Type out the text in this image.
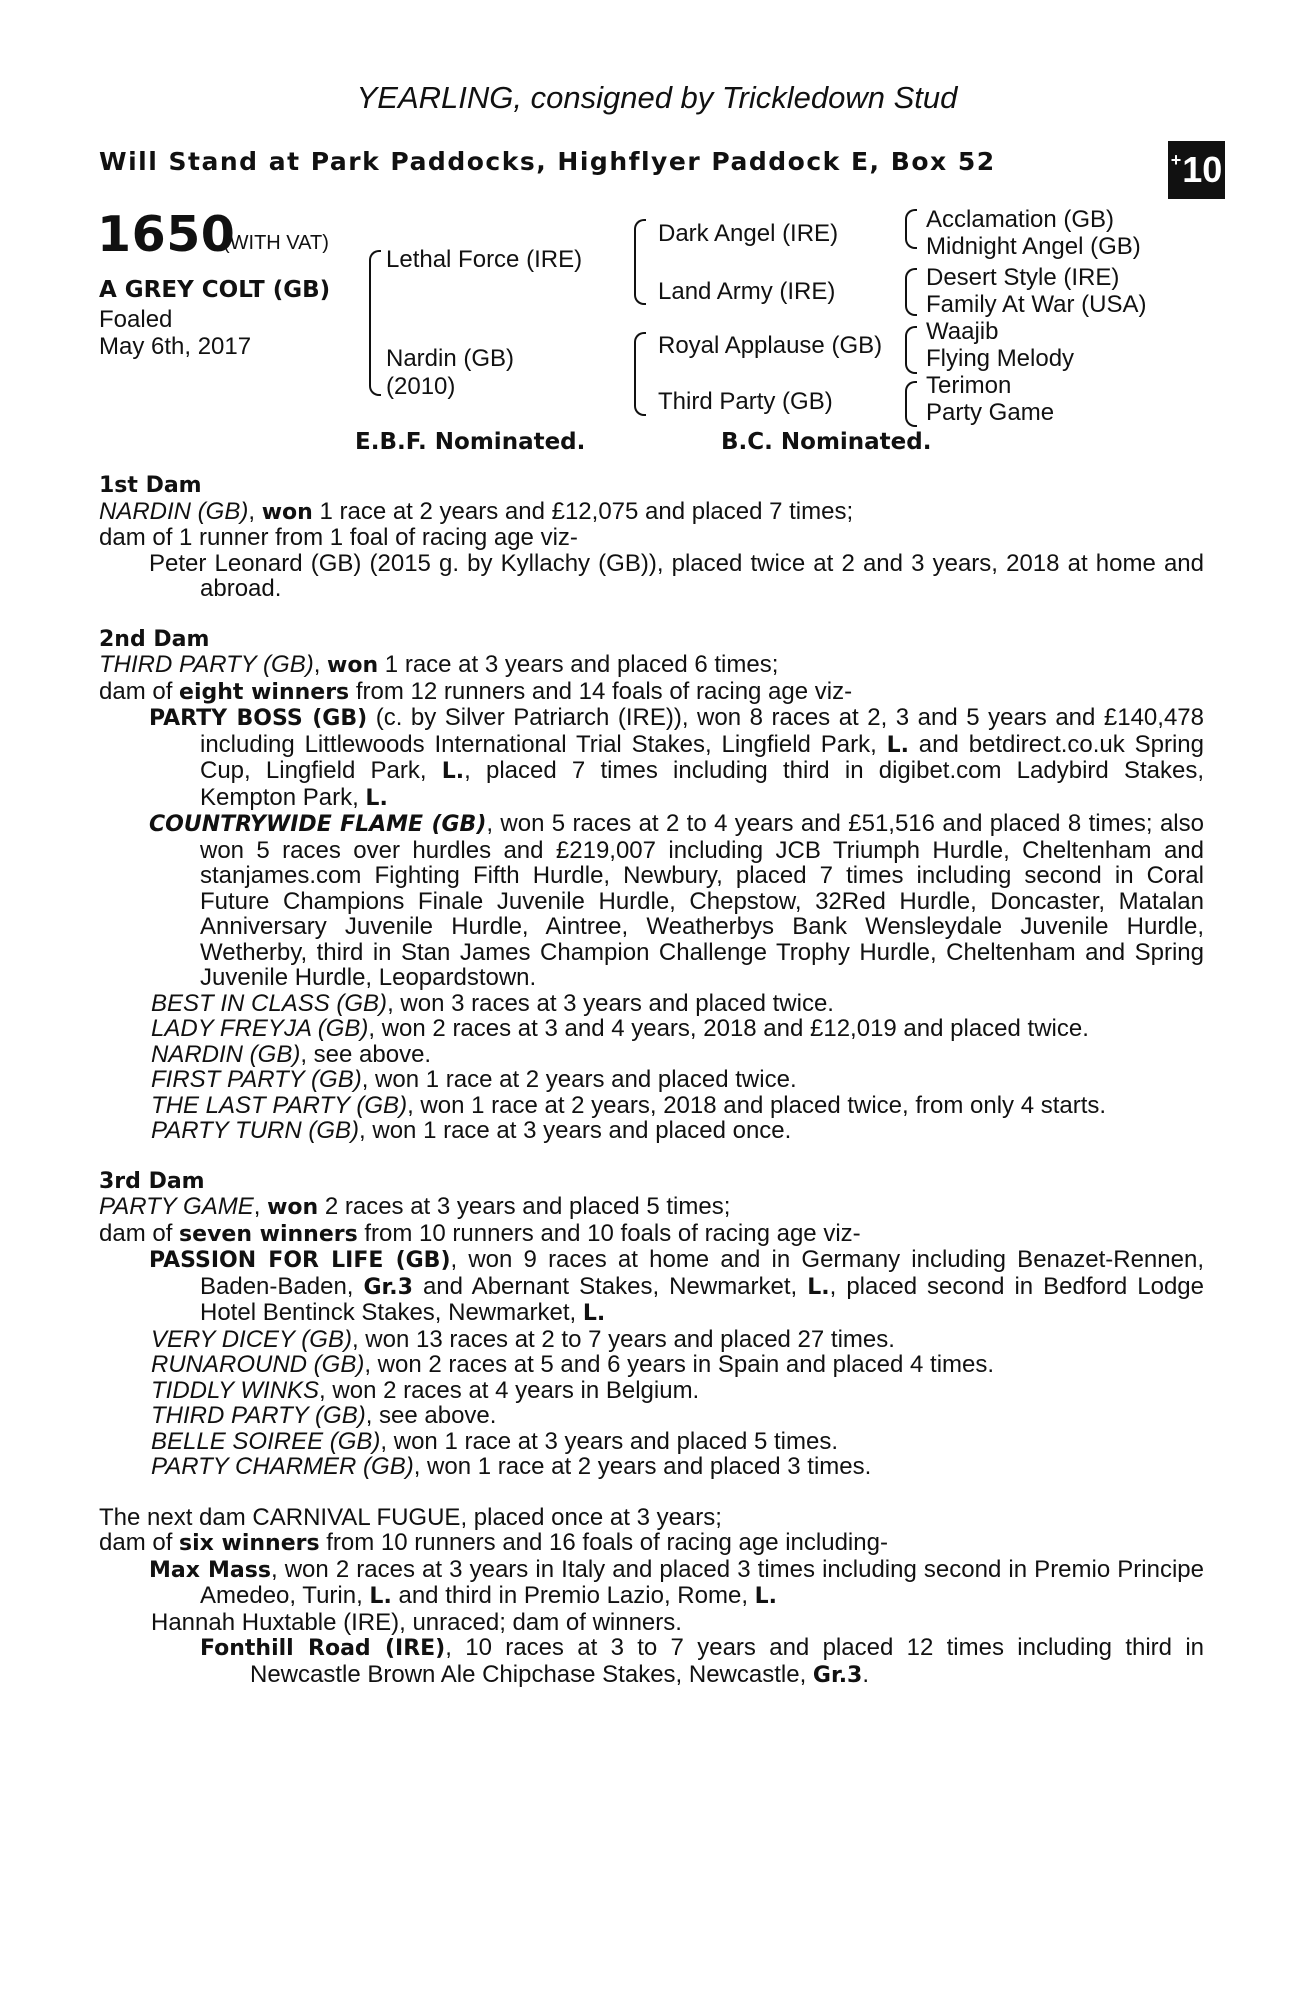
YEARLING, consigned by Trickledown Stud
Will Stand at Park Paddocks, Highflyer Paddock E, Box 52	+10
1650
(WITH VAT)
A GREY COLT (GB)
Foaled
May 6th, 2017
Lethal Force (IRE)
Nardin (GB)
(2010)
Dark Angel (IRE)
Land Army (IRE)
Royal Applause (GB)
Third Party (GB)
Acclamation (GB)
Midnight Angel (GB)
Desert Style (IRE)
Family At War (USA)
Waajib
Flying Melody
Terimon
Party Game
E.B.F. Nominated.	B.C. Nominated.

1st Dam

NARDIN (GB), won 1 race at 2 years and £12,075 and placed 7 times;

dam of 1 runner from 1 foal of racing age viz-

Peter Leonard (GB) (2015 g. by Kyllachy (GB)), placed twice at 2 and 3 years, 2018 at home and abroad.

2nd Dam

THIRD PARTY (GB), won 1 race at 3 years and placed 6 times;

dam of eight winners from 12 runners and 14 foals of racing age viz-

PARTY BOSS (GB) (c. by Silver Patriarch (IRE)), won 8 races at 2, 3 and 5 years and £140,478 including Littlewoods International Trial Stakes, Lingfield Park, L. and betdirect.co.uk Spring Cup, Lingfield Park, L., placed 7 times including third in digibet.com Ladybird Stakes, Kempton Park, L.

COUNTRYWIDE FLAME (GB), won 5 races at 2 to 4 years and £51,516 and placed 8 times; also won 5 races over hurdles and £219,007 including JCB Triumph Hurdle, Cheltenham and stanjames.com Fighting Fifth Hurdle, Newbury, placed 7 times including second in Coral Future Champions Finale Juvenile Hurdle, Chepstow, 32Red Hurdle, Doncaster, Matalan Anniversary Juvenile Hurdle, Aintree, Weatherbys Bank Wensleydale Juvenile Hurdle, Wetherby, third in Stan James Champion Challenge Trophy Hurdle, Cheltenham and Spring Juvenile Hurdle, Leopardstown.

BEST IN CLASS (GB), won 3 races at 3 years and placed twice.

LADY FREYJA (GB), won 2 races at 3 and 4 years, 2018 and £12,019 and placed twice.

NARDIN (GB), see above.

FIRST PARTY (GB), won 1 race at 2 years and placed twice.

THE LAST PARTY (GB), won 1 race at 2 years, 2018 and placed twice, from only 4 starts.

PARTY TURN (GB), won 1 race at 3 years and placed once.

3rd Dam

PARTY GAME, won 2 races at 3 years and placed 5 times;

dam of seven winners from 10 runners and 10 foals of racing age viz-

PASSION FOR LIFE (GB), won 9 races at home and in Germany including Benazet-Rennen, Baden-Baden, Gr.3 and Abernant Stakes, Newmarket, L., placed second in Bedford Lodge Hotel Bentinck Stakes, Newmarket, L.

VERY DICEY (GB), won 13 races at 2 to 7 years and placed 27 times.

RUNAROUND (GB), won 2 races at 5 and 6 years in Spain and placed 4 times.

TIDDLY WINKS, won 2 races at 4 years in Belgium.

THIRD PARTY (GB), see above.

BELLE SOIREE (GB), won 1 race at 3 years and placed 5 times.

PARTY CHARMER (GB), won 1 race at 2 years and placed 3 times.

The next dam CARNIVAL FUGUE, placed once at 3 years;

dam of six winners from 10 runners and 16 foals of racing age including-

Max Mass, won 2 races at 3 years in Italy and placed 3 times including second in Premio Principe Amedeo, Turin, L. and third in Premio Lazio, Rome, L.

Hannah Huxtable (IRE), unraced; dam of winners.

Fonthill Road (IRE), 10 races at 3 to 7 years and placed 12 times including third in Newcastle Brown Ale Chipchase Stakes, Newcastle, Gr.3.
